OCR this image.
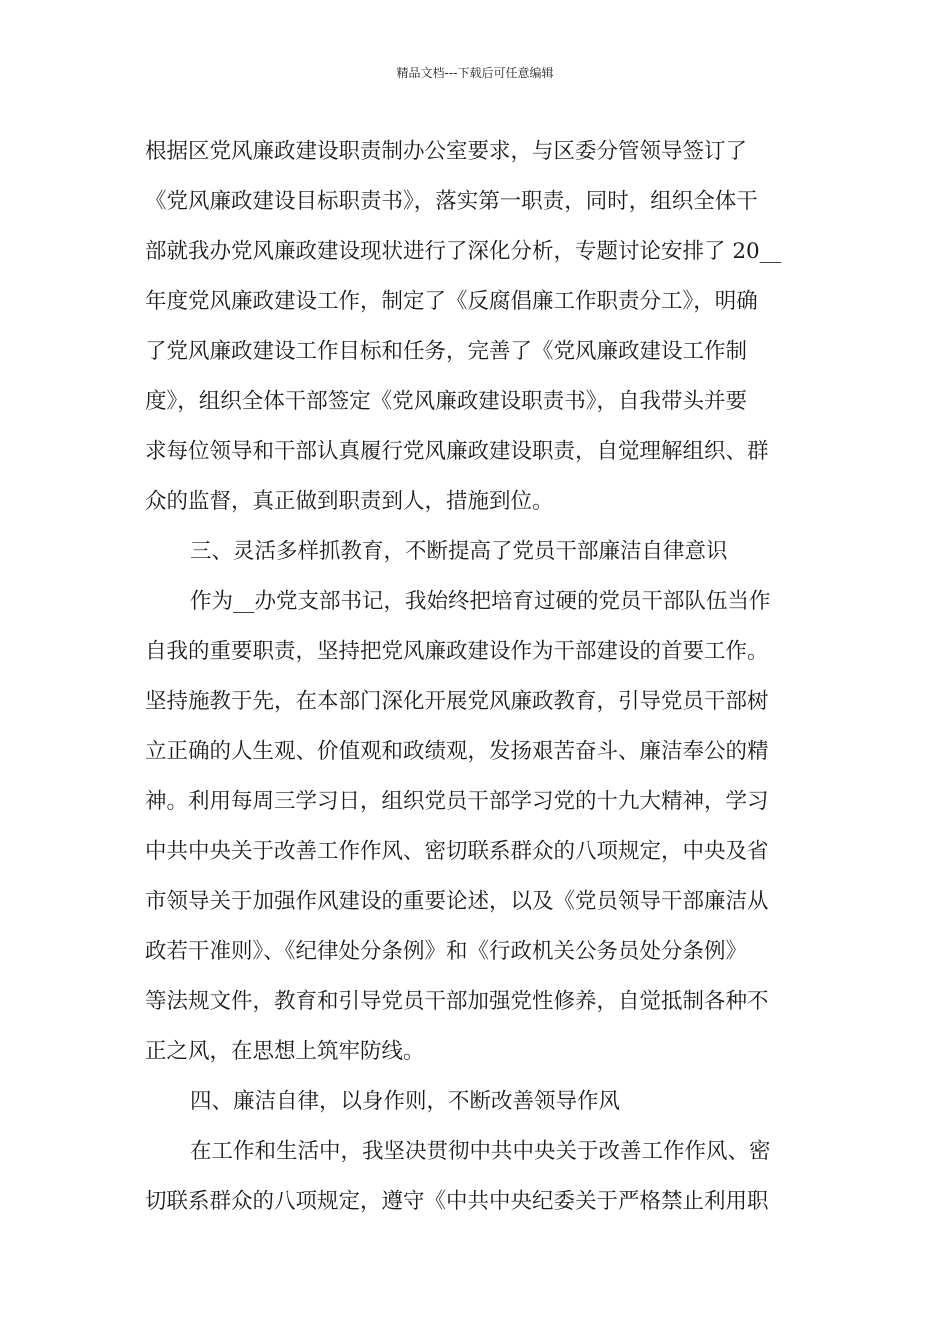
精品文档---下载后可任意编辑
根据区党风廉政建设职责制办公室要求，与区委分管领导签订了
《党风廉政建设目标职责书》，落实第一职责，同时，组织全体干
部就我办党风廉政建设现状进行了深化分析，专题讨论安排了 20__
年度党风廉政建设工作，制定了《反腐倡廉工作职责分工》，明确
了党风廉政建设工作目标和任务，完善了《党风廉政建设工作制
度》，组织全体干部签定《党风廉政建设职责书》，自我带头并要
求每位领导和干部认真履行党风廉政建设职责，自觉理解组织、群
众的监督，真正做到职责到人，措施到位。
三、灵活多样抓教育，不断提高了党员干部廉洁自律意识
作为__办党支部书记，我始终把培育过硬的党员干部队伍当作
自我的重要职责，坚持把党风廉政建设作为干部建设的首要工作。
坚持施教于先，在本部门深化开展党风廉政教育，引导党员干部树
立正确的人生观、价值观和政绩观，发扬艰苦奋斗、廉洁奉公的精
神。利用每周三学习日，组织党员干部学习党的十九大精神，学习
中共中央关于改善工作作风、密切联系群众的八项规定，中央及省
市领导关于加强作风建设的重要论述，以及《党员领导干部廉洁从
政若干准则》、《纪律处分条例》和《行政机关公务员处分条例》
等法规文件，教育和引导党员干部加强党性修养，自觉抵制各种不
正之风，在思想上筑牢防线。
四、廉洁自律，以身作则，不断改善领导作风
在工作和生活中，我坚决贯彻中共中央关于改善工作作风、密
切联系群众的八项规定，遵守《中共中央纪委关于严格禁止利用职
